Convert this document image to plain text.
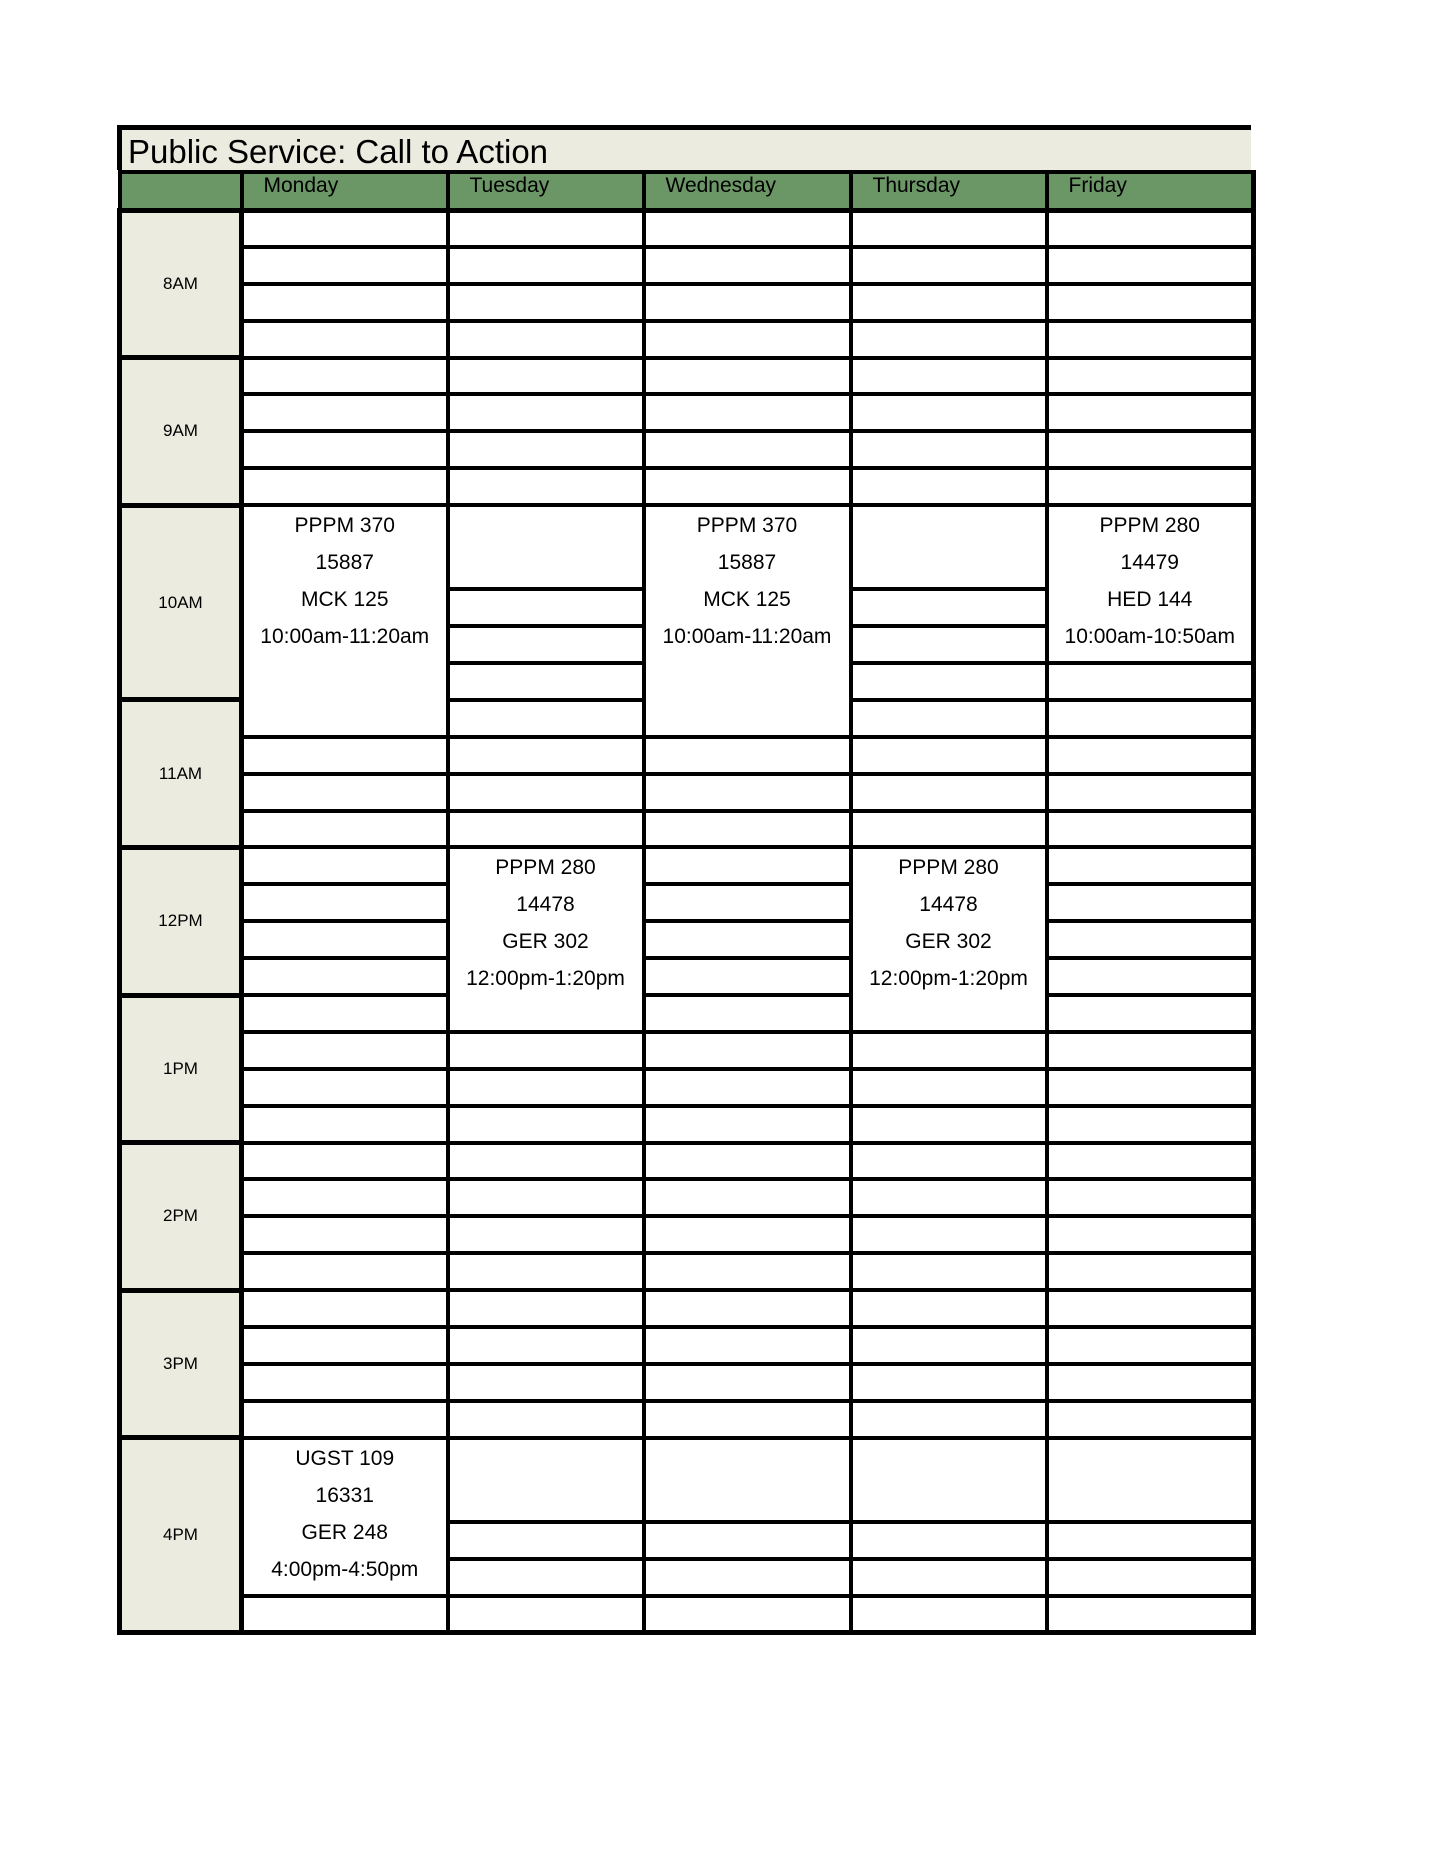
Public Service: Call to Action
	Monday	Tuesday	Wednesday	Thursday	Friday
8AM					

9AM					

10AM	PPPM 370
15887
MCK 125
10:00am-11:20am		PPPM 370
15887
MCK 125
10:00am-11:20am		PPPM 280
14479
HED 144
10:00am-10:50am

11AM					

12PM		PPPM 280
14478
GER 302
12:00pm-1:20pm		PPPM 280
14478
GER 302
12:00pm-1:20pm	

1PM					

2PM					

3PM					

4PM	UGST 109
16331
GER 248
4:00pm-4:50pm				
